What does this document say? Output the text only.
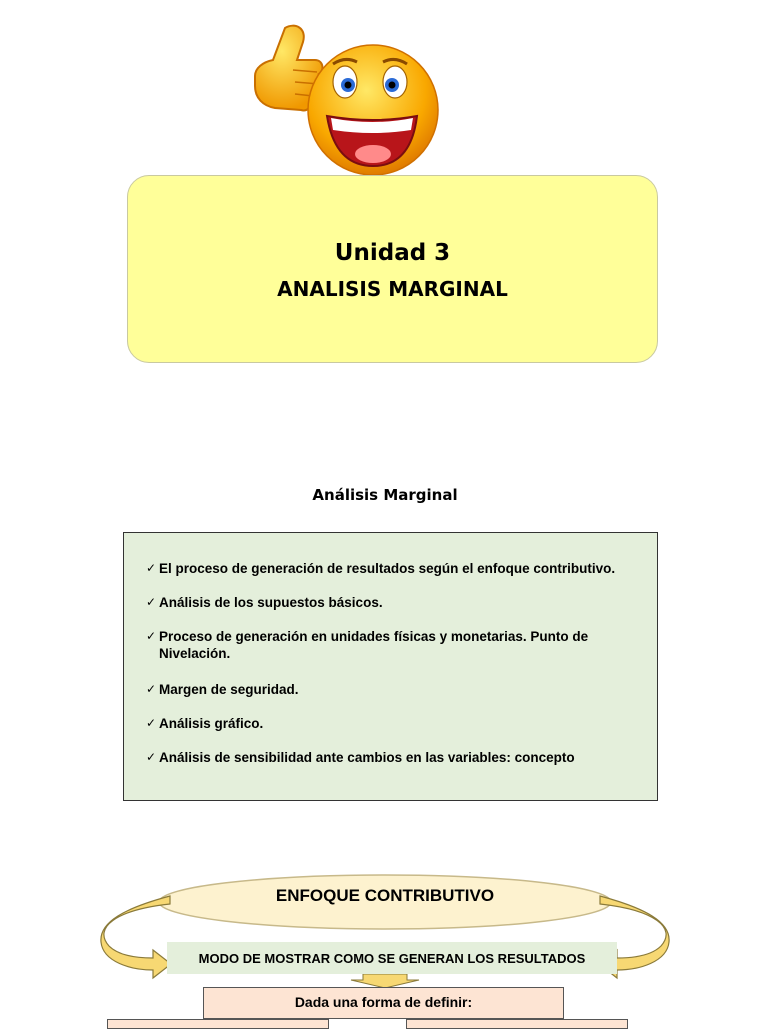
Unidad 3
ANALISIS MARGINAL
Análisis Marginal
✓ El proceso de generación de resultados según el enfoque contributivo.
✓ Análisis de los supuestos básicos.
✓ Proceso de generación en unidades físicas y monetarias. Punto de Nivelación.
✓ Margen de seguridad.
✓ Análisis gráfico.
✓ Análisis de sensibilidad ante cambios en las variables: concepto
ENFOQUE CONTRIBUTIVO
MODO DE MOSTRAR COMO SE GENERAN LOS RESULTADOS
Dada una forma de definir:
